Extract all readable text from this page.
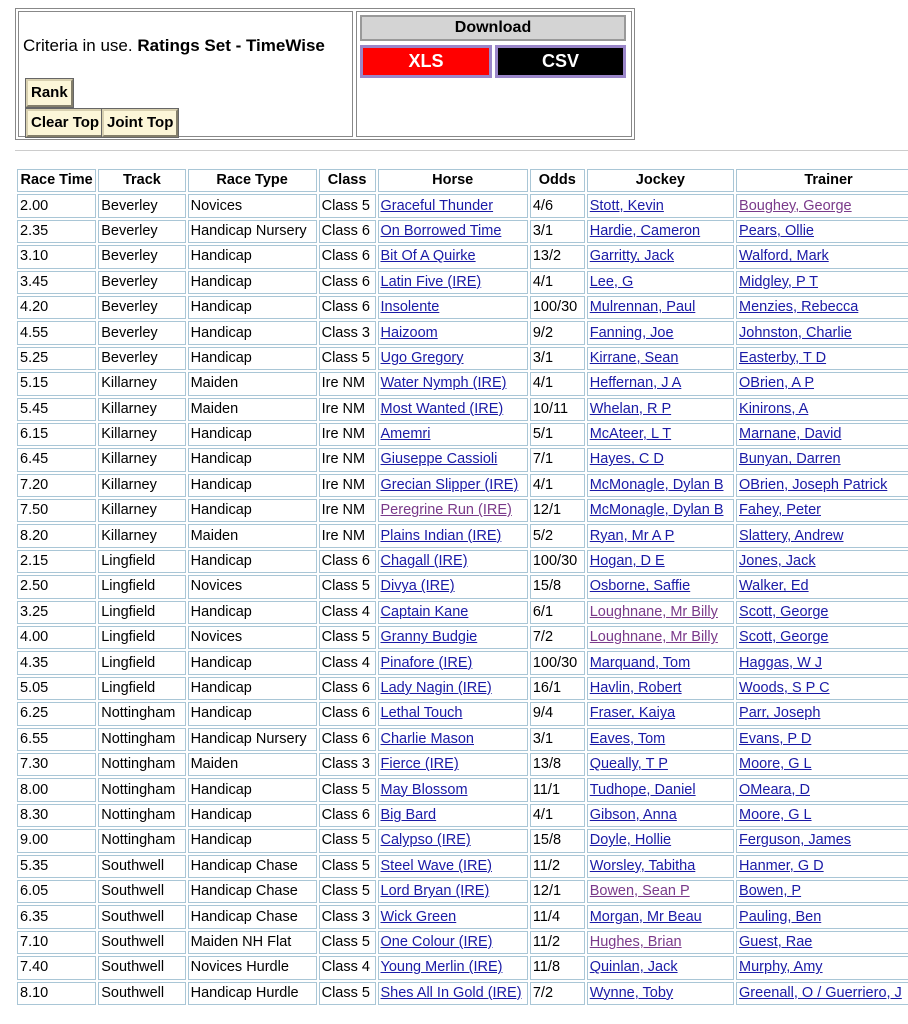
Criteria in use. Ratings Set - TimeWise
Rank
Clear Top Joint Top
Download
XLS	CSV
Race Time	Track	Race Type	Class	Horse	Odds	Jockey	Trainer
2.00	Beverley	Novices	Class 5	Graceful Thunder	4/6	Stott, Kevin	Boughey, George
2.35	Beverley	Handicap Nursery	Class 6	On Borrowed Time	3/1	Hardie, Cameron	Pears, Ollie
3.10	Beverley	Handicap	Class 6	Bit Of A Quirke	13/2	Garritty, Jack	Walford, Mark
3.45	Beverley	Handicap	Class 6	Latin Five (IRE)	4/1	Lee, G	Midgley, P T
4.20	Beverley	Handicap	Class 6	Insolente	100/30	Mulrennan, Paul	Menzies, Rebecca
4.55	Beverley	Handicap	Class 3	Haizoom	9/2	Fanning, Joe	Johnston, Charlie
5.25	Beverley	Handicap	Class 5	Ugo Gregory	3/1	Kirrane, Sean	Easterby, T D
5.15	Killarney	Maiden	Ire NM	Water Nymph (IRE)	4/1	Heffernan, J A	OBrien, A P
5.45	Killarney	Maiden	Ire NM	Most Wanted (IRE)	10/11	Whelan, R P	Kinirons, A
6.15	Killarney	Handicap	Ire NM	Amemri	5/1	McAteer, L T	Marnane, David
6.45	Killarney	Handicap	Ire NM	Giuseppe Cassioli	7/1	Hayes, C D	Bunyan, Darren
7.20	Killarney	Handicap	Ire NM	Grecian Slipper (IRE)	4/1	McMonagle, Dylan B	OBrien, Joseph Patrick
7.50	Killarney	Handicap	Ire NM	Peregrine Run (IRE)	12/1	McMonagle, Dylan B	Fahey, Peter
8.20	Killarney	Maiden	Ire NM	Plains Indian (IRE)	5/2	Ryan, Mr A P	Slattery, Andrew
2.15	Lingfield	Handicap	Class 6	Chagall (IRE)	100/30	Hogan, D E	Jones, Jack
2.50	Lingfield	Novices	Class 5	Divya (IRE)	15/8	Osborne, Saffie	Walker, Ed
3.25	Lingfield	Handicap	Class 4	Captain Kane	6/1	Loughnane, Mr Billy	Scott, George
4.00	Lingfield	Novices	Class 5	Granny Budgie	7/2	Loughnane, Mr Billy	Scott, George
4.35	Lingfield	Handicap	Class 4	Pinafore (IRE)	100/30	Marquand, Tom	Haggas, W J
5.05	Lingfield	Handicap	Class 6	Lady Nagin (IRE)	16/1	Havlin, Robert	Woods, S P C
6.25	Nottingham	Handicap	Class 6	Lethal Touch	9/4	Fraser, Kaiya	Parr, Joseph
6.55	Nottingham	Handicap Nursery	Class 6	Charlie Mason	3/1	Eaves, Tom	Evans, P D
7.30	Nottingham	Maiden	Class 3	Fierce (IRE)	13/8	Queally, T P	Moore, G L
8.00	Nottingham	Handicap	Class 5	May Blossom	11/1	Tudhope, Daniel	OMeara, D
8.30	Nottingham	Handicap	Class 6	Big Bard	4/1	Gibson, Anna	Moore, G L
9.00	Nottingham	Handicap	Class 5	Calypso (IRE)	15/8	Doyle, Hollie	Ferguson, James
5.35	Southwell	Handicap Chase	Class 5	Steel Wave (IRE)	11/2	Worsley, Tabitha	Hanmer, G D
6.05	Southwell	Handicap Chase	Class 5	Lord Bryan (IRE)	12/1	Bowen, Sean P	Bowen, P
6.35	Southwell	Handicap Chase	Class 3	Wick Green	11/4	Morgan, Mr Beau	Pauling, Ben
7.10	Southwell	Maiden NH Flat	Class 5	One Colour (IRE)	11/2	Hughes, Brian	Guest, Rae
7.40	Southwell	Novices Hurdle	Class 4	Young Merlin (IRE)	11/8	Quinlan, Jack	Murphy, Amy
8.10	Southwell	Handicap Hurdle	Class 5	Shes All In Gold (IRE)	7/2	Wynne, Toby	Greenall, O / Guerriero, J
